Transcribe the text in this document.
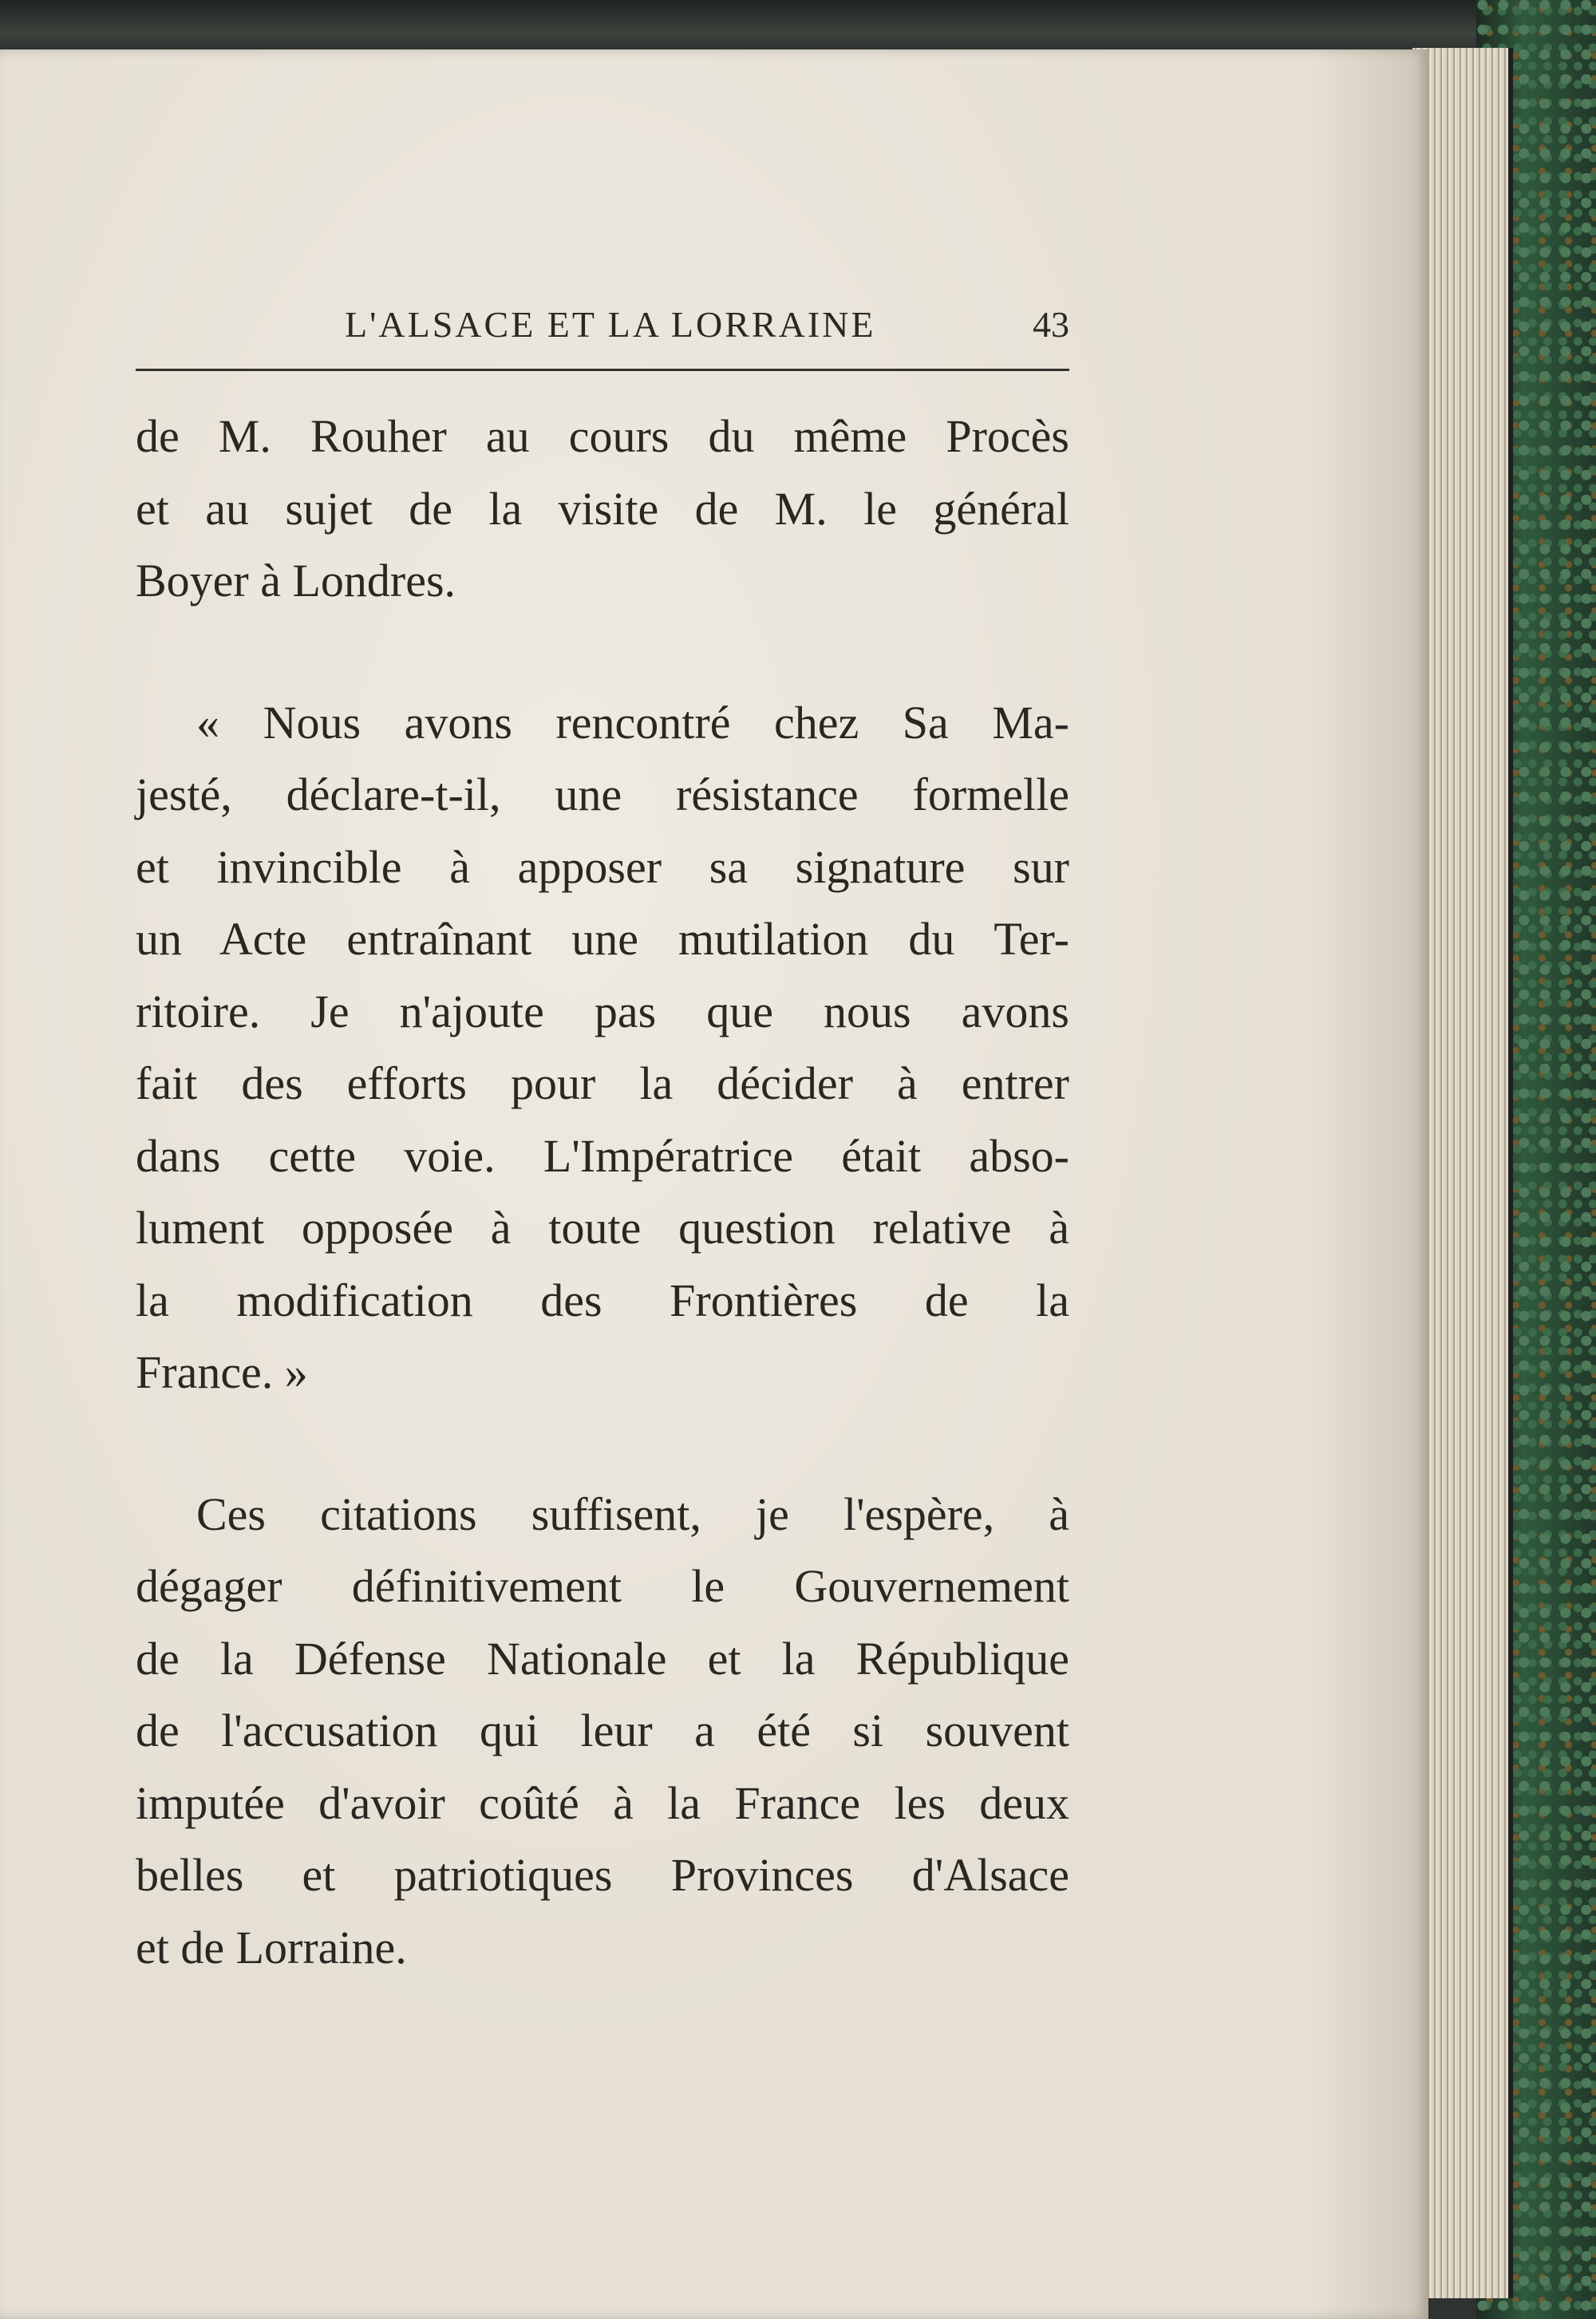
L'ALSACE ET LA LORRAINE	43
de M. Rouher au cours du même Procès
et au sujet de la visite de M. le général
Boyer à Londres.
« Nous avons rencontré chez Sa Ma-
jesté, déclare-t-il, une résistance formelle
et invincible à apposer sa signature sur
un Acte entraînant une mutilation du Ter-
ritoire. Je n'ajoute pas que nous avons
fait des efforts pour la décider à entrer
dans cette voie. L'Impératrice était abso-
lument opposée à toute question relative à
la modification des Frontières de la
France. »
Ces citations suffisent, je l'espère, à
dégager définitivement le Gouvernement
de la Défense Nationale et la République
de l'accusation qui leur a été si souvent
imputée d'avoir coûté à la France les deux
belles et patriotiques Provinces d'Alsace
et de Lorraine.
